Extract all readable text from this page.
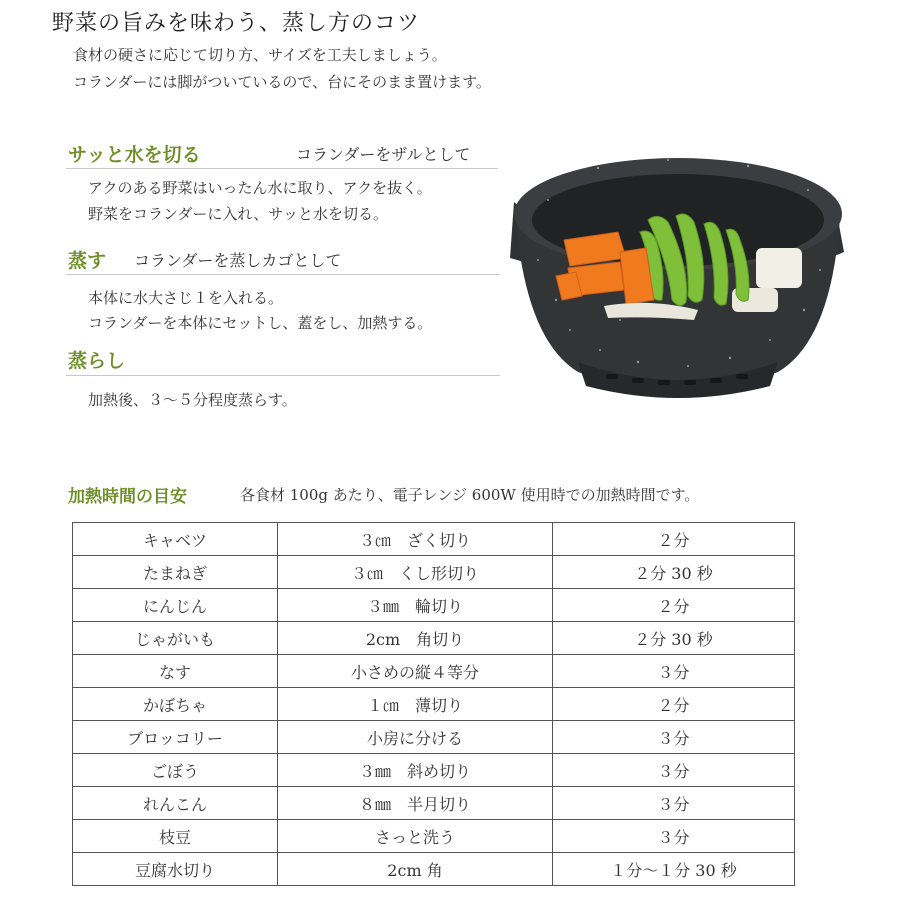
野菜の旨みを味わう、蒸し方のコツ
食材の硬さに応じて切り方、サイズを工夫しましょう。
コランダーには脚がついているので、台にそのまま置けます。
サッと水を切る	コランダーをザルとして
アクのある野菜はいったん水に取り、アクを抜く。
野菜をコランダーに入れ、サッと水を切る。
蒸す コランダーを蒸しカゴとして
本体に水大さじ１を入れる。
コランダーを本体にセットし、蓋をし、加熱する。
蒸らし
加熱後、３～５分程度蒸らす。
加熱時間の目安	各食材 100g あたり、電子レンジ 600W 使用時での加熱時間です。
キャベツ	３㎝　ざく切り	２分
たまねぎ	３㎝　くし形切り	２分 30 秒
にんじん	３㎜　輪切り	２分
じゃがいも	2cm　角切り	２分 30 秒
なす	小さめの縦４等分	３分
かぼちゃ	１㎝　薄切り	２分
ブロッコリー	小房に分ける	３分
ごぼう	３㎜　斜め切り	３分
れんこん	８㎜　半月切り	３分
枝豆	さっと洗う	３分
豆腐水切り	2cm 角	１分～１分 30 秒
